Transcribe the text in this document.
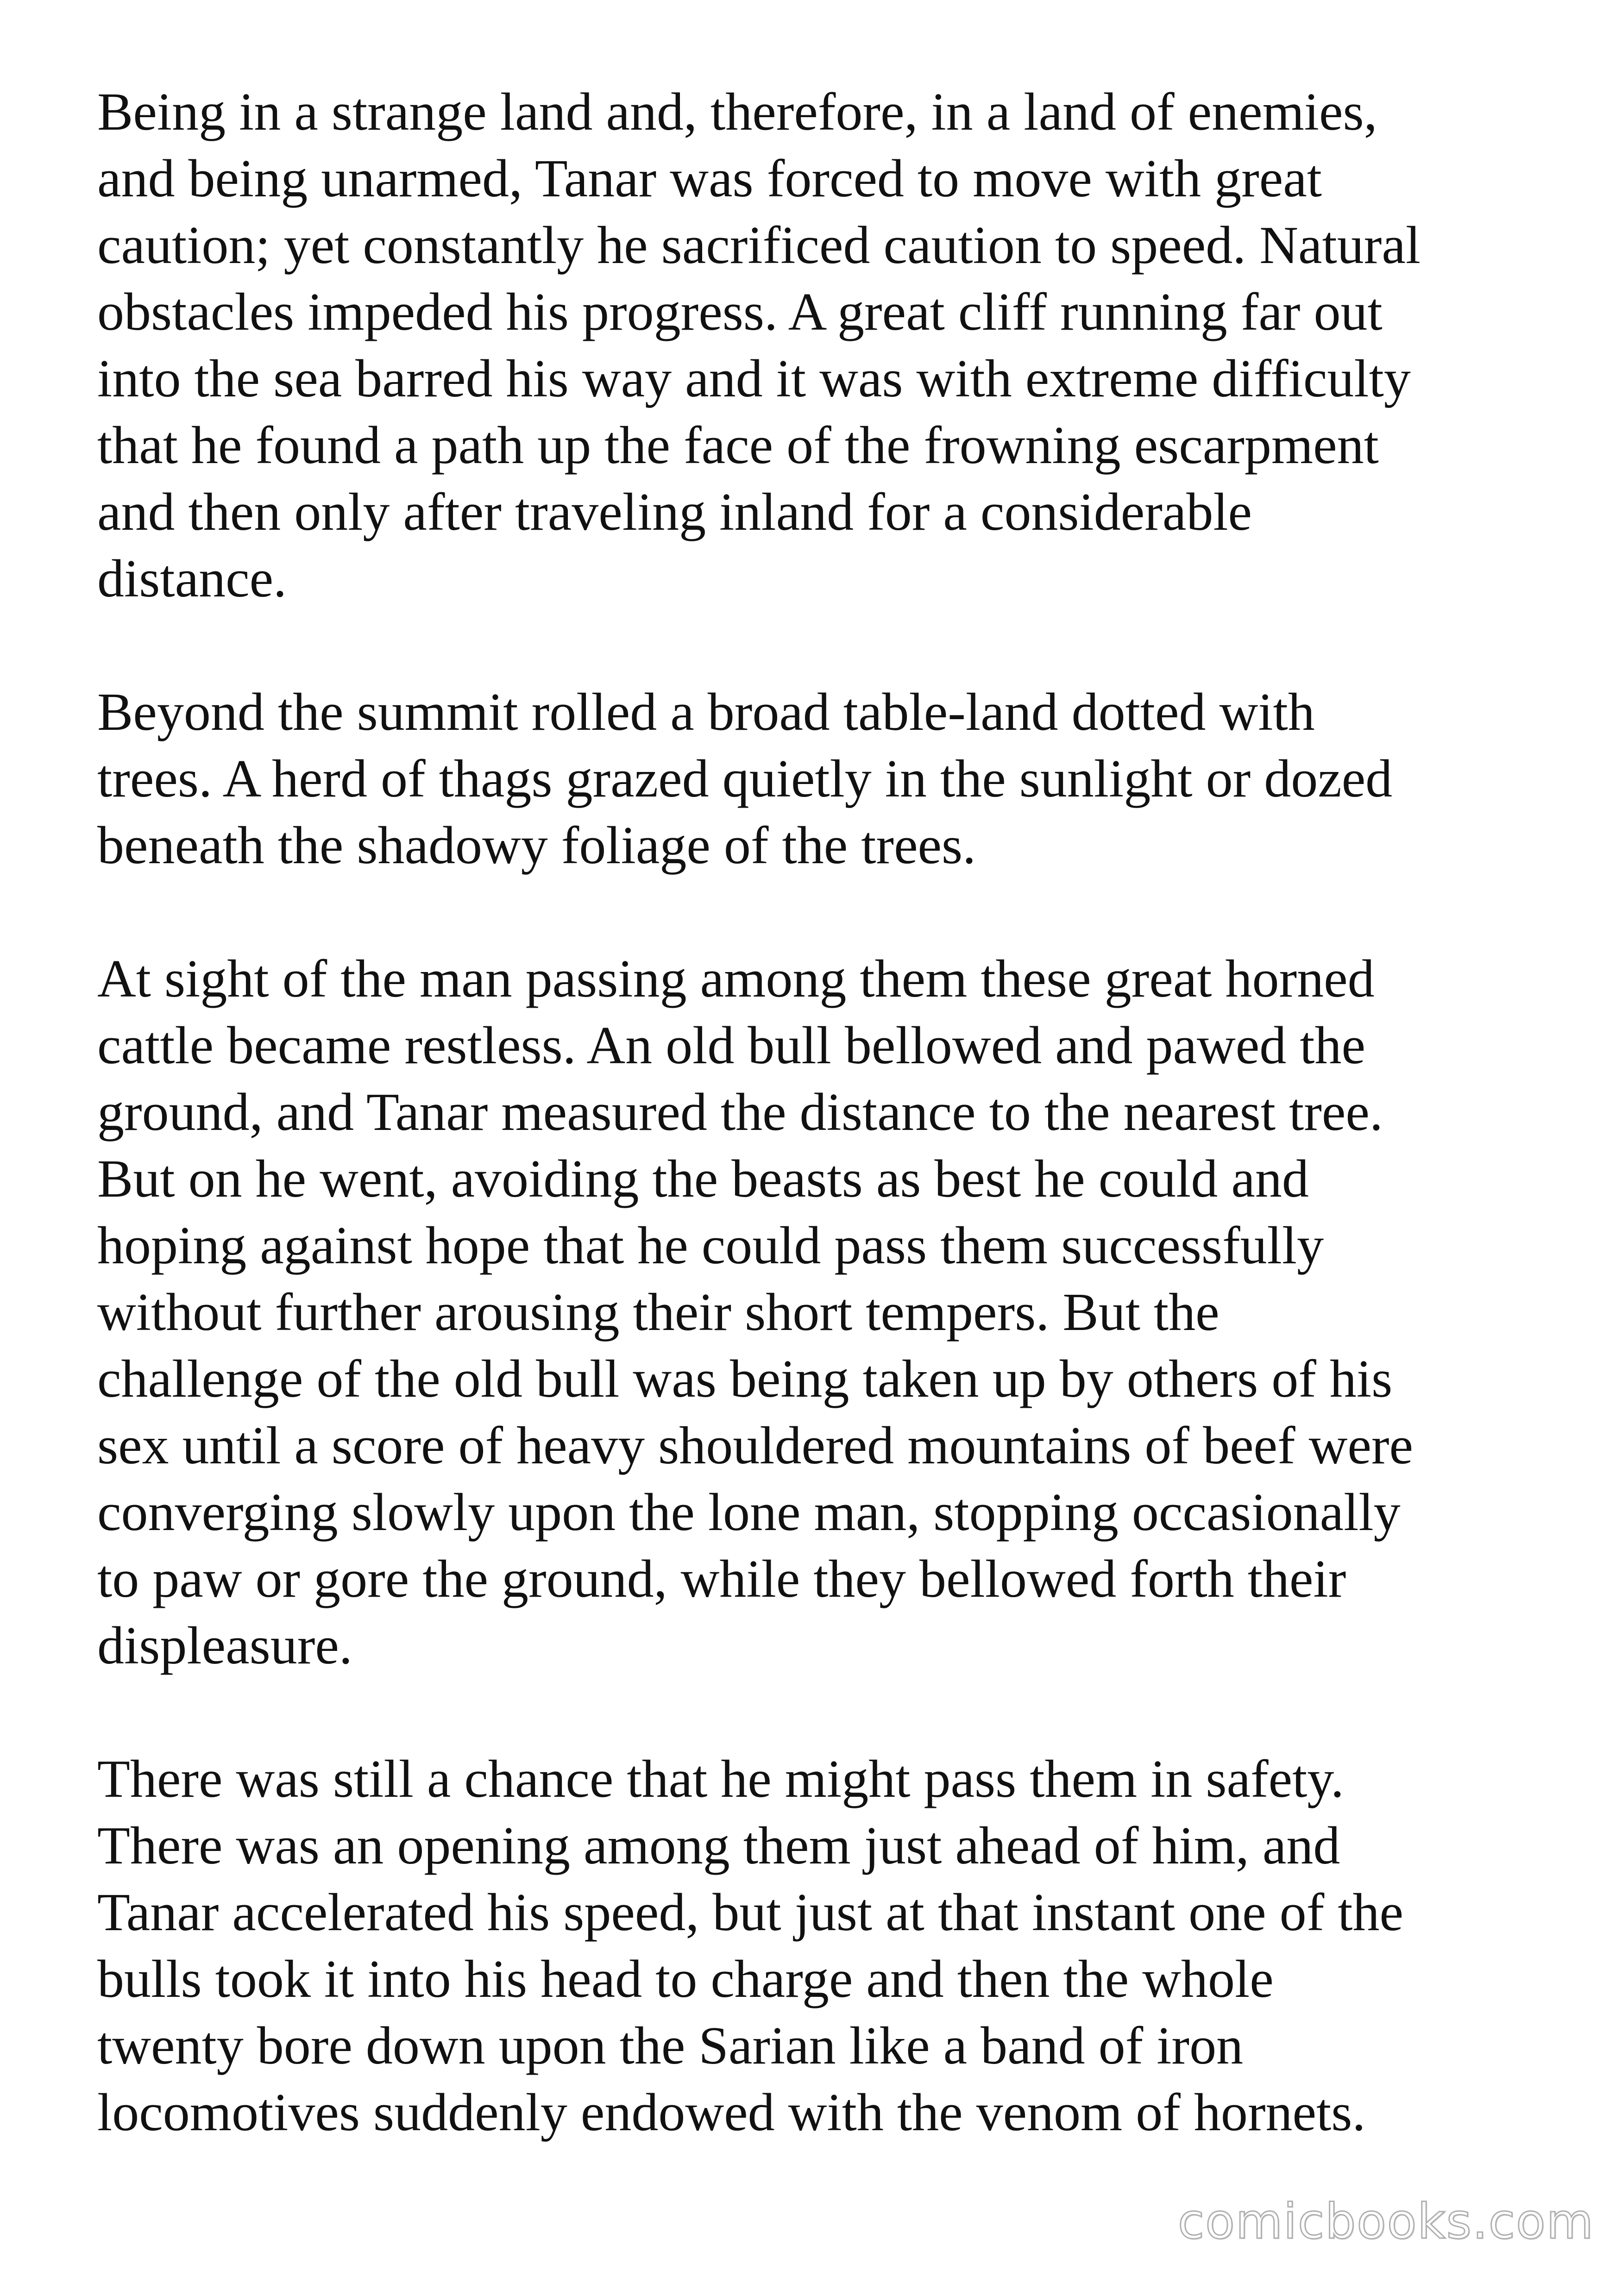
Being in a strange land and, therefore, in a land of enemies,
and being unarmed, Tanar was forced to move with great
caution; yet constantly he sacrificed caution to speed. Natural
obstacles impeded his progress. A great cliff running far out
into the sea barred his way and it was with extreme difficulty
that he found a path up the face of the frowning escarpment
and then only after traveling inland for a considerable
distance.

Beyond the summit rolled a broad table-land dotted with
trees. A herd of thags grazed quietly in the sunlight or dozed
beneath the shadowy foliage of the trees.

At sight of the man passing among them these great horned
cattle became restless. An old bull bellowed and pawed the
ground, and Tanar measured the distance to the nearest tree.
But on he went, avoiding the beasts as best he could and
hoping against hope that he could pass them successfully
without further arousing their short tempers. But the
challenge of the old bull was being taken up by others of his
sex until a score of heavy shouldered mountains of beef were
converging slowly upon the lone man, stopping occasionally
to paw or gore the ground, while they bellowed forth their
displeasure.

There was still a chance that he might pass them in safety.
There was an opening among them just ahead of him, and
Tanar accelerated his speed, but just at that instant one of the
bulls took it into his head to charge and then the whole
twenty bore down upon the Sarian like a band of iron
locomotives suddenly endowed with the venom of hornets.

comicbooks.com
